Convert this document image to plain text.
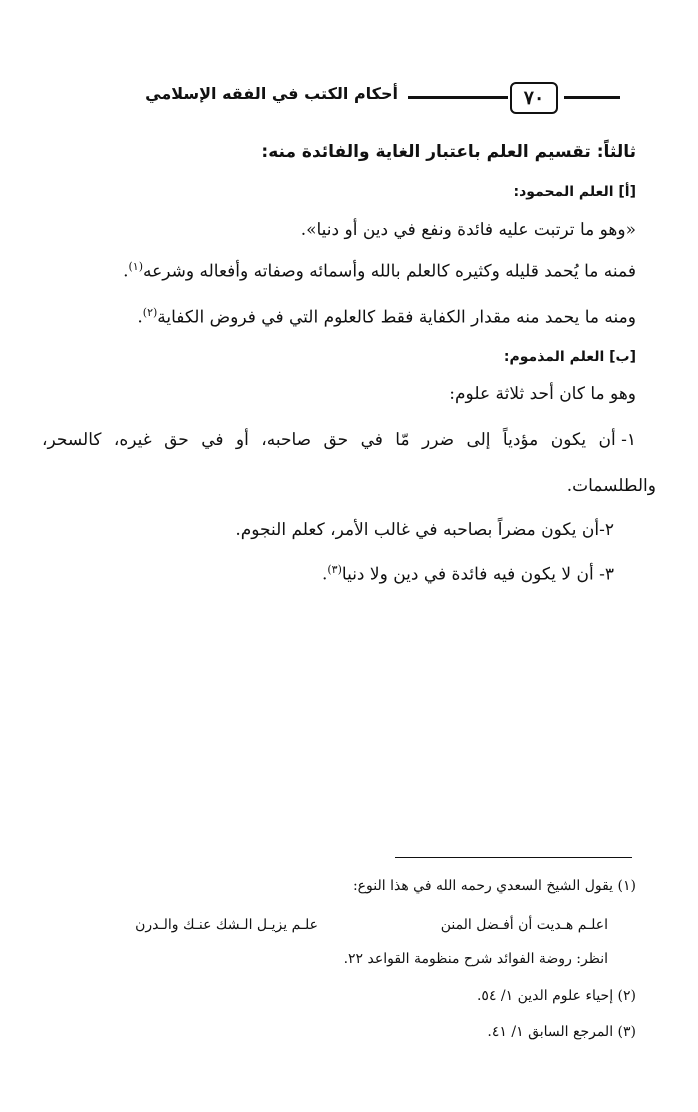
٧٠
أحكام الكتب في الفقه الإسلامي
ثالثاً: تقسيم العلم باعتبار الغاية والفائدة منه:
[أ] العلم المحمود:
«وهو ما ترتبت عليه فائدة ونفع في دين أو دنيا».
فمنه ما يُحمد قليله وكثيره كالعلم بالله وأسمائه وصفاته وأفعاله وشرعه$^{(١)}$.
ومنه ما يحمد منه مقدار الكفاية فقط كالعلوم التي في فروض الكفاية$^{(٢)}$.
[ب] العلم المذموم:
وهو ما كان أحد ثلاثة علوم:
١- أن
يكون
مؤدياً
إلى
ضرر
مّا
في
حق
صاحبه،
أو
في
حق
غيره،
كالسحر،
والطلسمات.
٢-أن يكون مضراً بصاحبه في غالب الأمر، كعلم النجوم.
٣- أن لا يكون فيه فائدة في دين ولا دنيا$^{(٣)}$.
(١) يقول الشيخ السعدي رحمه الله في هذا النوع:
اعلـم هـديت أن أفـضل المنن
علـم يزيـل الـشك عنـك والـدرن
انظر: روضة الفوائد شرح منظومة القواعد ٢٢.
(٢) إحياء علوم الدين ١/ ٥٤.
(٣) المرجع السابق ١/ ٤١.
